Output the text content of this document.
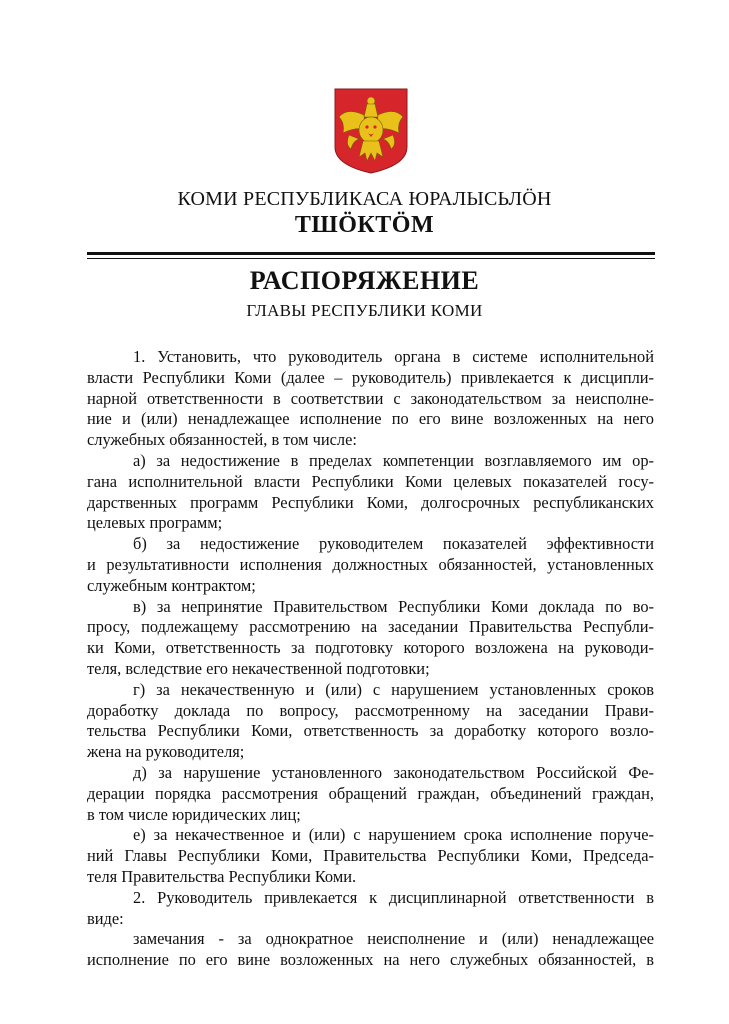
КОМИ РЕСПУБЛИКАСА ЮРАЛЫСЬЛӦН
ТШӦКТӦМ
РАСПОРЯЖЕНИЕ
ГЛАВЫ РЕСПУБЛИКИ КОМИ
1. Установить, что руководитель органа в системе исполнительной
власти Республики Коми (далее – руководитель) привлекается к дисципли-
нарной ответственности в соответствии с законодательством за неисполне-
ние и (или) ненадлежащее исполнение по его вине возложенных на него
служебных обязанностей, в том числе:
а) за недостижение в пределах компетенции возглавляемого им ор-
гана исполнительной власти Республики Коми целевых показателей госу-
дарственных программ Республики Коми, долгосрочных республиканских
целевых программ;
б) за недостижение руководителем показателей эффективности
и результативности исполнения должностных обязанностей, установленных
служебным контрактом;
в) за непринятие Правительством Республики Коми доклада по во-
просу, подлежащему рассмотрению на заседании Правительства Республи-
ки Коми, ответственность за подготовку которого возложена на руководи-
теля, вследствие его некачественной подготовки;
г) за некачественную и (или) с нарушением установленных сроков
доработку доклада по вопросу, рассмотренному на заседании Прави-
тельства Республики Коми, ответственность за доработку которого возло-
жена на руководителя;
д) за нарушение установленного законодательством Российской Фе-
дерации порядка рассмотрения обращений граждан, объединений граждан,
в том числе юридических лиц;
е) за некачественное и (или) с нарушением срока исполнение поруче-
ний Главы Республики Коми, Правительства Республики Коми, Председа-
теля Правительства Республики Коми.
2. Руководитель привлекается к дисциплинарной ответственности в
виде:
замечания - за однократное неисполнение и (или) ненадлежащее
исполнение по его вине возложенных на него служебных обязанностей, в
